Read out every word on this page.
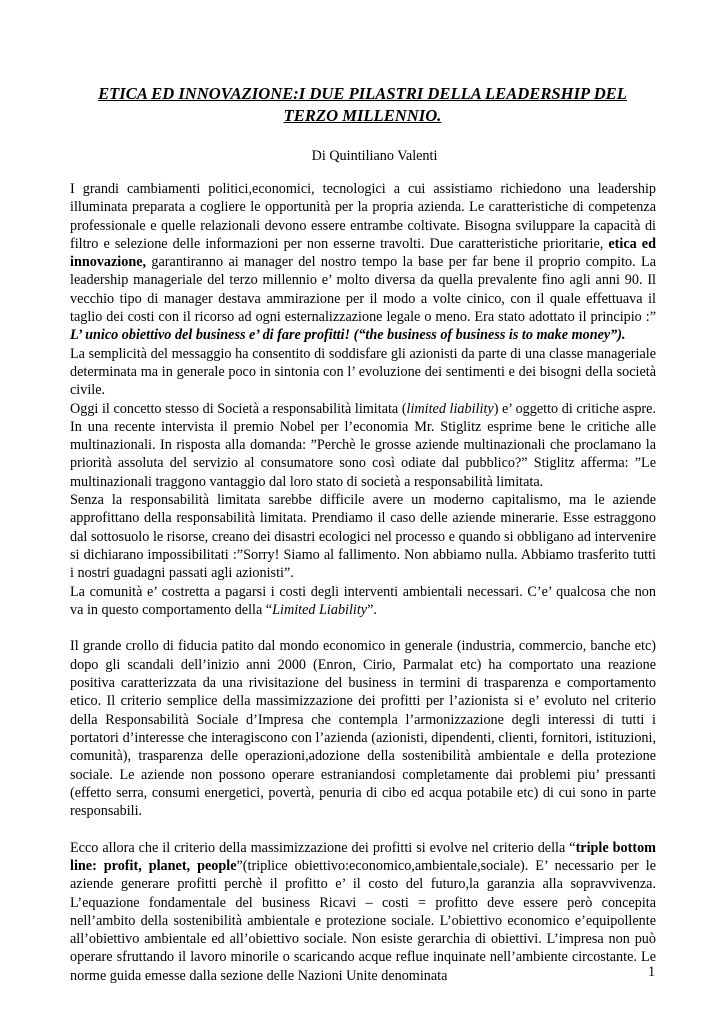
ETICA ED INNOVAZIONE:I DUE PILASTRI DELLA LEADERSHIP DEL
TERZO MILLENNIO.
Di Quintiliano Valenti

I grandi cambiamenti politici,economici, tecnologici a cui assistiamo richiedono una leadership illuminata preparata a cogliere le opportunità per la propria azienda. Le caratteristiche di competenza professionale e quelle relazionali devono essere entrambe coltivate. Bisogna sviluppare la capacità di filtro e selezione delle informazioni per non esserne travolti. Due caratteristiche prioritarie, etica ed innovazione, garantiranno ai manager del nostro tempo la base per far bene il proprio compito. La leadership manageriale del terzo millennio e’ molto diversa da quella prevalente fino agli anni 90. Il vecchio tipo di manager destava ammirazione per il modo a volte cinico, con il quale effettuava il taglio dei costi con il ricorso ad ogni esternalizzazione legale o meno. Era stato adottato il principio :” L’ unico obiettivo del business e’ di fare profitti! (“the business of business is to make money”).

La semplicità del messaggio ha consentito di soddisfare gli azionisti da parte di una classe manageriale determinata ma in generale poco in sintonia con l’ evoluzione dei sentimenti e dei bisogni della società civile.

Oggi il concetto stesso di Società a responsabilità limitata (limited liability) e’ oggetto di critiche aspre. In una recente intervista il premio Nobel per l’economia Mr. Stiglitz esprime bene le critiche alle multinazionali. In risposta alla domanda: ”Perchè le grosse aziende multinazionali che proclamano la priorità assoluta del servizio al consumatore sono così odiate dal pubblico?” Stiglitz afferma: ”Le multinazionali traggono vantaggio dal loro stato di società a responsabilità limitata.

Senza la responsabilità limitata sarebbe difficile avere un moderno capitalismo, ma le aziende approfittano della responsabilità limitata. Prendiamo il caso delle aziende minerarie. Esse estraggono dal sottosuolo le risorse, creano dei disastri ecologici nel processo e quando si obbligano ad intervenire si dichiarano impossibilitati :”Sorry! Siamo al fallimento. Non abbiamo nulla. Abbiamo trasferito tutti i nostri guadagni passati agli azionisti”.

La comunità e’ costretta a pagarsi i costi degli interventi ambientali necessari. C’e’ qualcosa che non va in questo comportamento della “Limited Liability”.

Il grande crollo di fiducia patito dal mondo economico in generale (industria, commercio, banche etc) dopo gli scandali dell’inizio anni 2000 (Enron, Cirio, Parmalat etc) ha comportato una reazione positiva caratterizzata da una rivisitazione del business in termini di trasparenza e comportamento etico. Il criterio semplice della massimizzazione dei profitti per l’azionista si e’ evoluto nel criterio della Responsabilità Sociale d’Impresa che contempla l’armonizzazione degli interessi di tutti i portatori d’interesse che interagiscono con l’azienda (azionisti, dipendenti, clienti, fornitori, istituzioni, comunità), trasparenza delle operazioni,adozione della sostenibilità ambientale e della protezione sociale. Le aziende non possono operare estraniandosi completamente dai problemi piu’ pressanti (effetto serra, consumi energetici, povertà, penuria di cibo ed acqua potabile etc) di cui sono in parte responsabili.

Ecco allora che il criterio della massimizzazione dei profitti si evolve nel criterio della “triple bottom line: profit, planet, people”(triplice obiettivo:economico,ambientale,sociale). E’ necessario per le aziende generare profitti perchè il profitto e’ il costo del futuro,la garanzia alla sopravvivenza. L’equazione fondamentale del business Ricavi – costi = profitto deve essere però concepita nell’ambito della sostenibilità ambientale e protezione sociale. L’obiettivo economico e’equipollente all’obiettivo ambientale ed all’obiettivo sociale. Non esiste gerarchia di obiettivi. L’impresa non può operare sfruttando il lavoro minorile o scaricando acque reflue inquinate nell’ambiente circostante. Le norme guida emesse dalla sezione delle Nazioni Unite denominata	1
